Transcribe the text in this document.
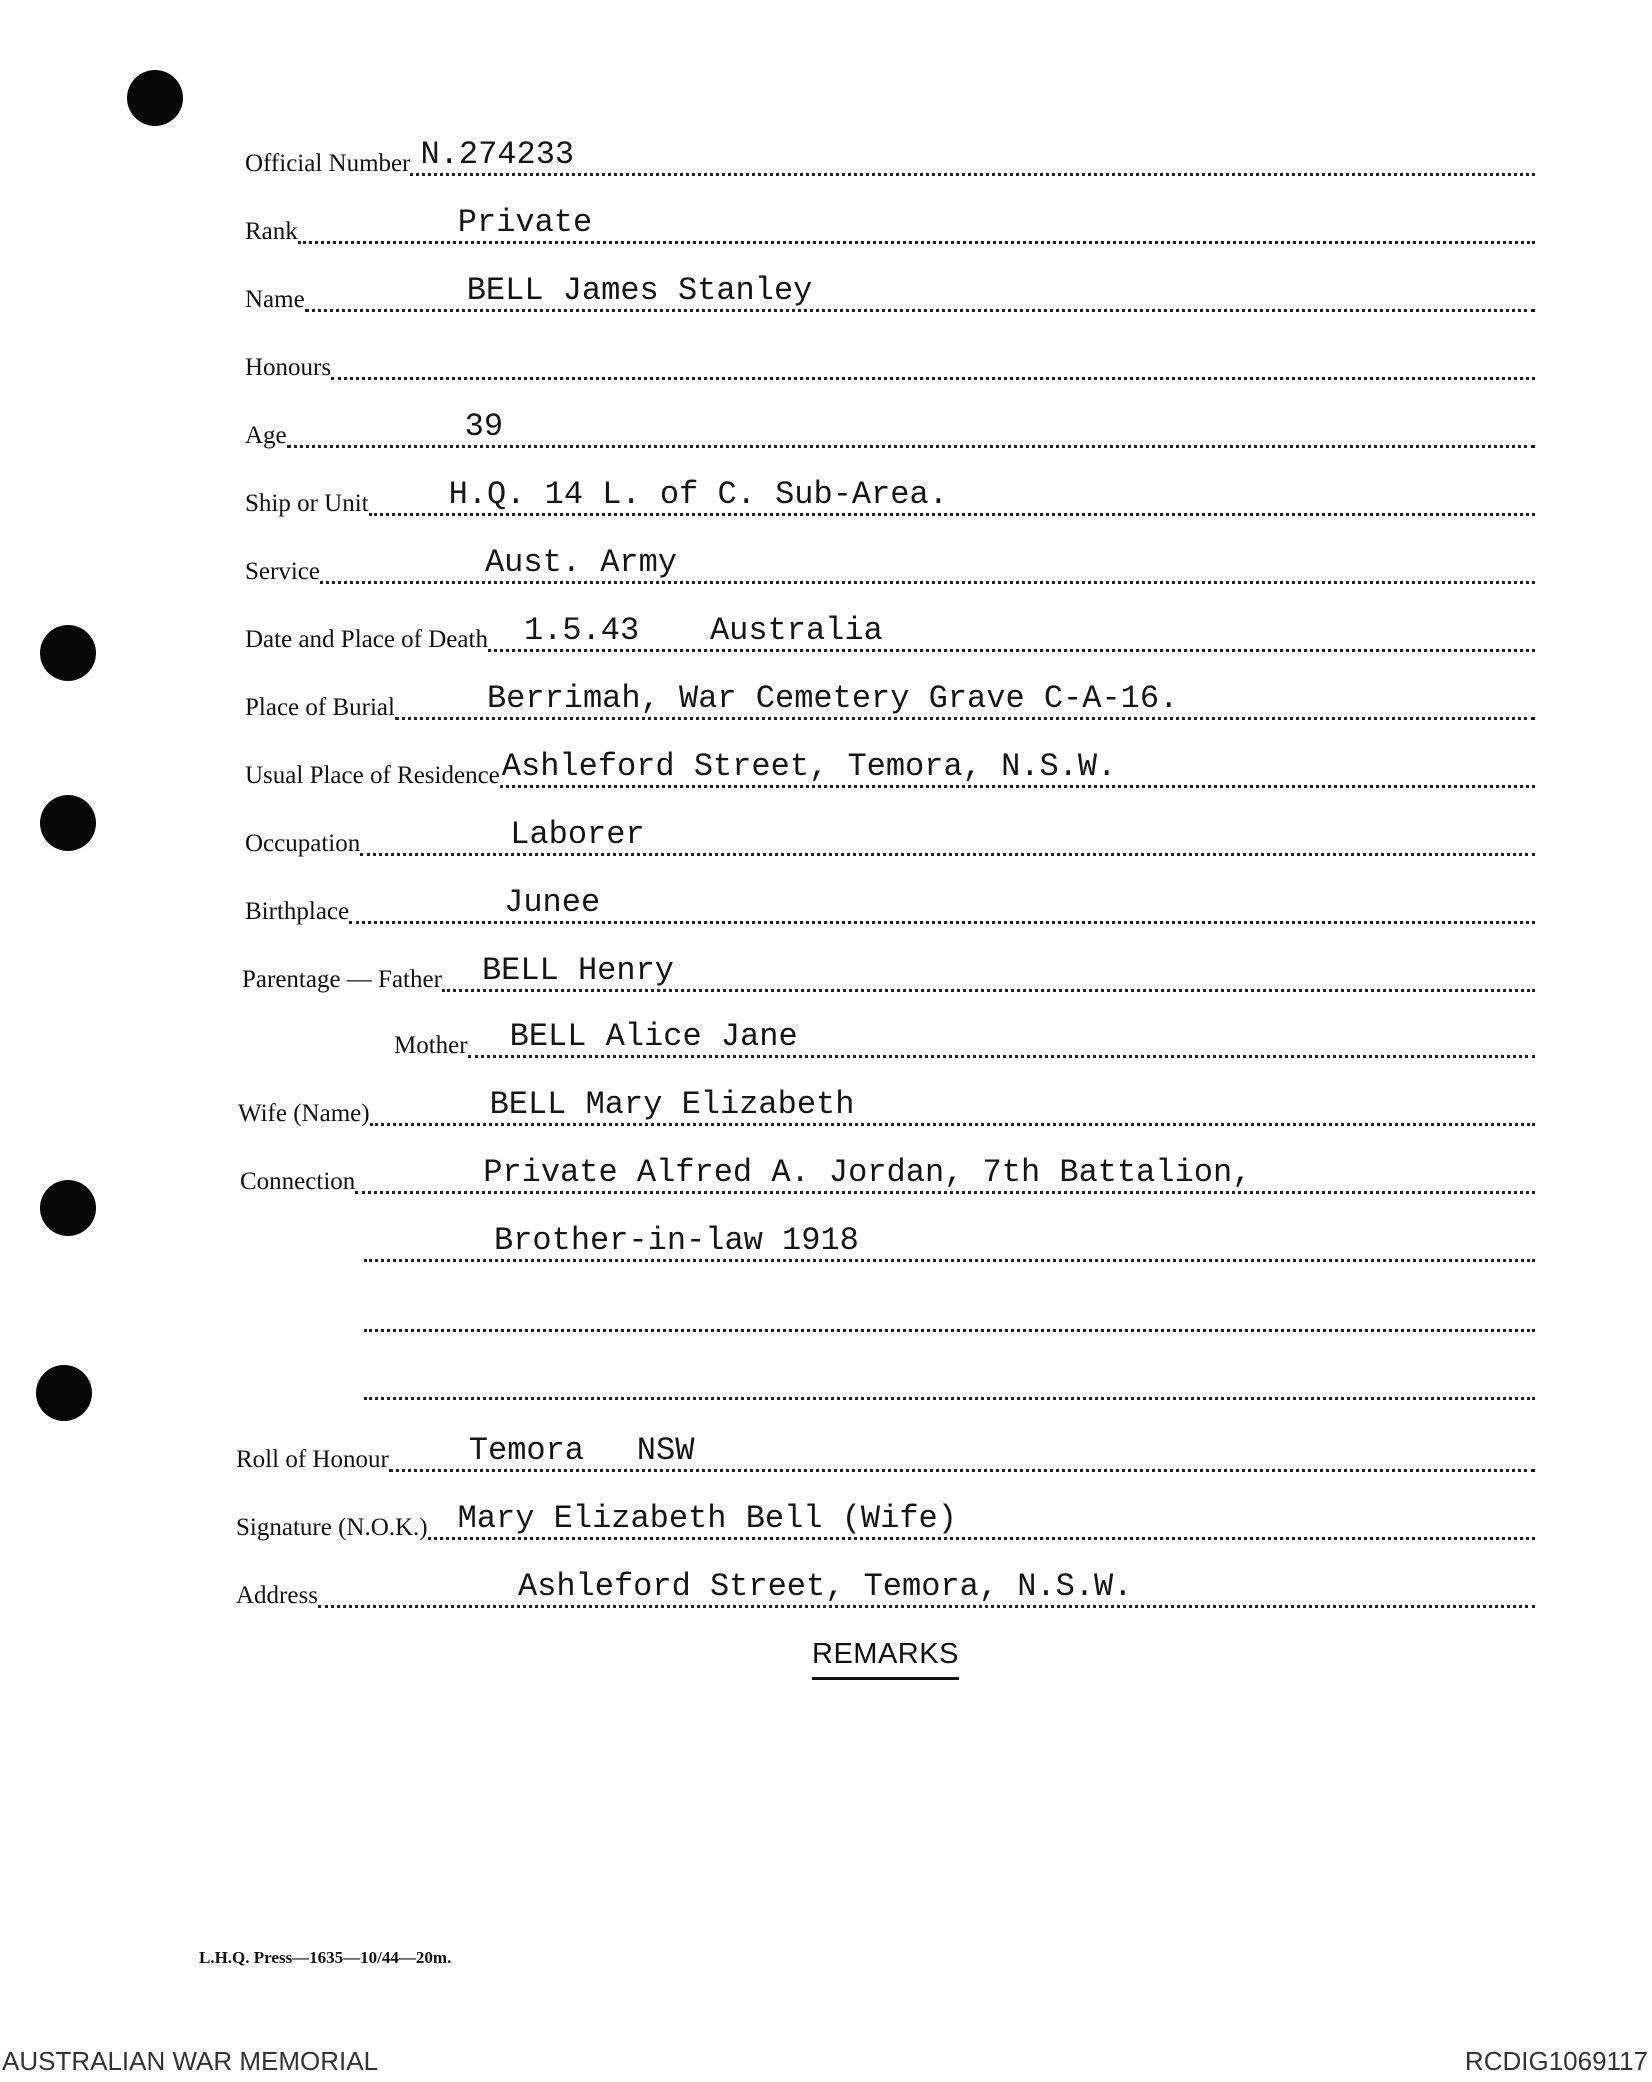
Official Number N.274233
Rank	Private
Name	BELL James Stanley
Honours
Age	39
Ship or Unit	H.Q. 14 L. of C. Sub-Area.
Service	Aust. Army
Date and Place of Death 1.5.43 Australia
Place of Burial	Berrimah, War Cemetery Grave C-A-16.
Usual Place of Residence Ashleford Street, Temora, N.S.W.
Occupation	Laborer
Birthplace	Junee
Parentage — Father BELL Henry
Mother BELL Alice Jane
Wife (Name)	BELL Mary Elizabeth
Connection	Private Alfred A. Jordan, 7th Battalion,
Brother-in-law 1918
Roll of Honour	Temora NSW
Signature (N.O.K.) Mary Elizabeth Bell (Wife)
Address	Ashleford Street, Temora, N.S.W.
REMARKS
L.H.Q. Press—1635—10/44—20m.
AUSTRALIAN WAR MEMORIAL	RCDIG1069117
